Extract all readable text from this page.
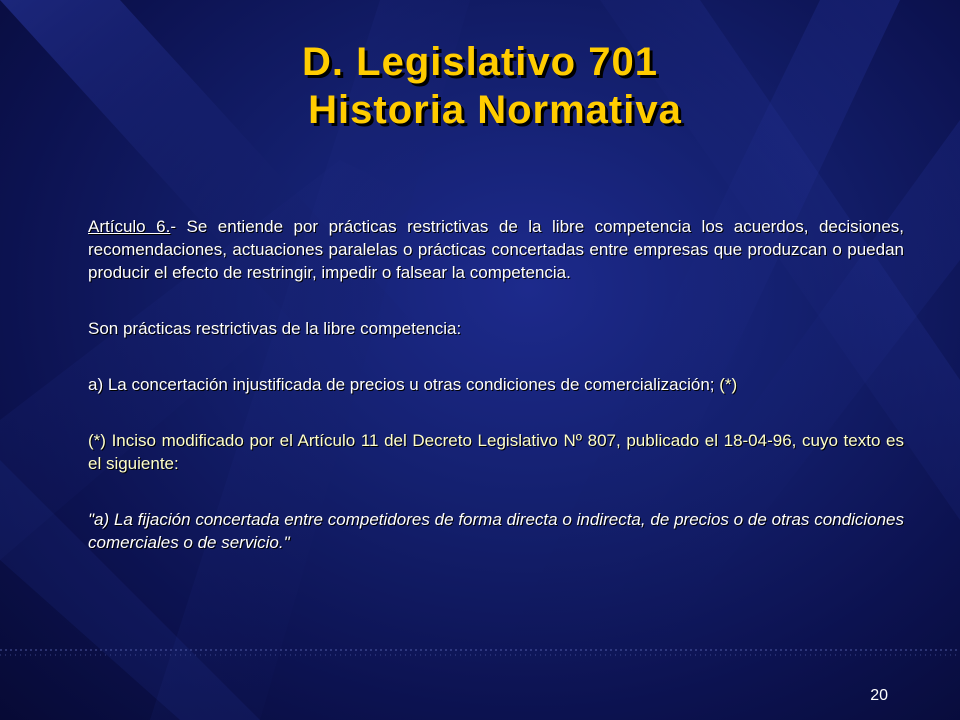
D. Legislativo 701
Historia Normativa

Artículo 6.- Se entiende por prácticas restrictivas de la libre competencia los acuerdos, decisiones, recomendaciones, actuaciones paralelas o prácticas concertadas entre empresas que produzcan o puedan producir el efecto de restringir, impedir o falsear la competencia.

Son prácticas restrictivas de la libre competencia:

a) La concertación injustificada de precios u otras condiciones de comercialización; (*)

(*) Inciso modificado por el Artículo 11 del Decreto Legislativo Nº 807, publicado el 18-04-96, cuyo texto es el siguiente:

"a) La fijación concertada entre competidores de forma directa o indirecta, de precios o de otras condiciones comerciales o de servicio."

20
